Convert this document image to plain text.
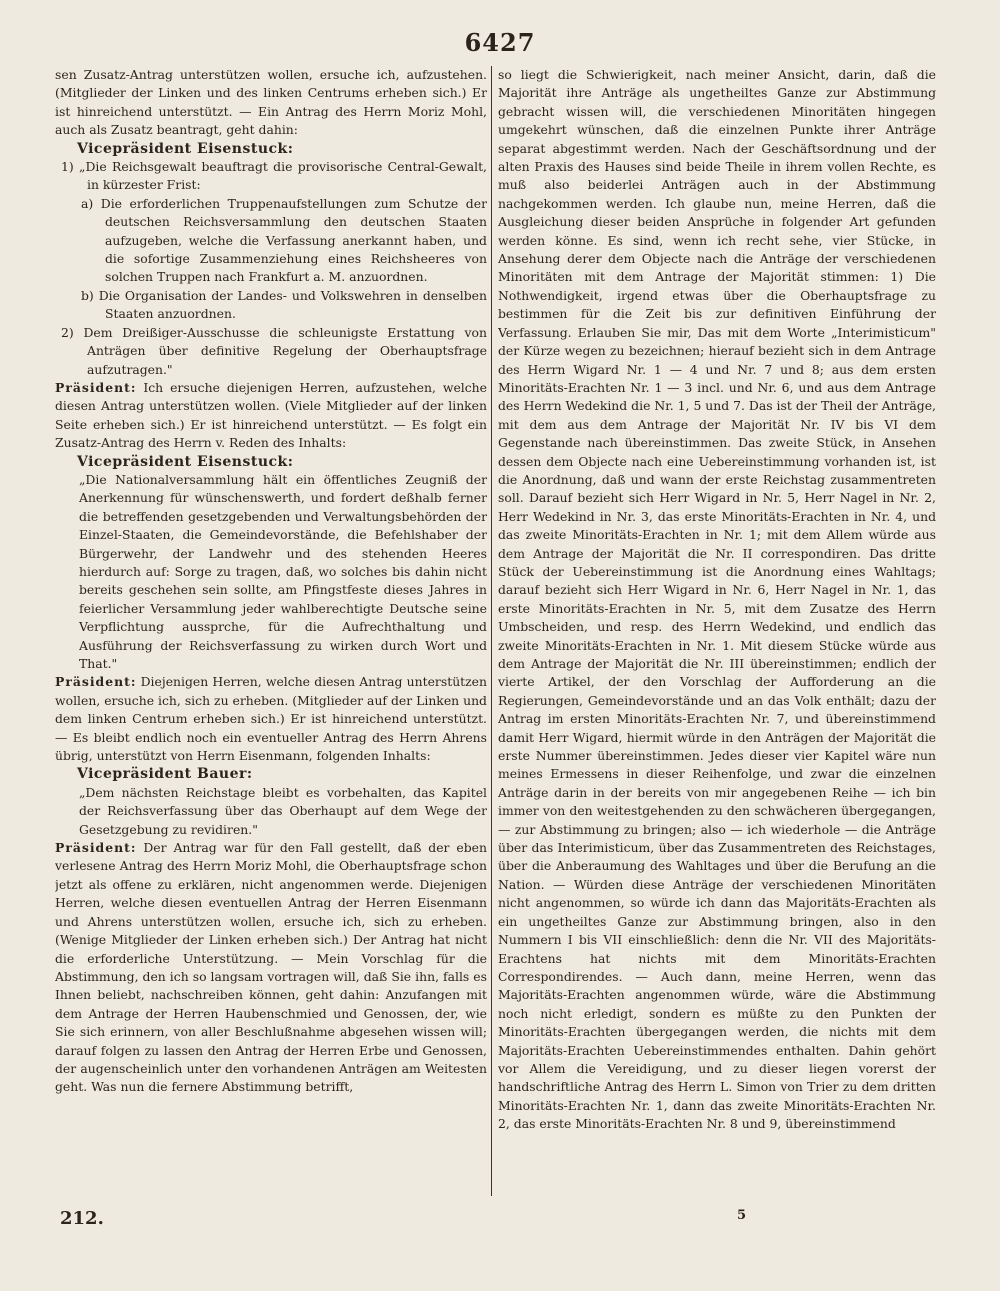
6427

sen Zusatz-Antrag unterstützen wollen, ersuche ich, aufzustehen. (Mitglieder der Linken und des linken Centrums erheben sich.) Er ist hinreichend unterstützt. — Ein Antrag des Herrn Moriz Mohl, auch als Zusatz beantragt, geht dahin:

Vicepräsident Eisenstuck:

1) „Die Reichsgewalt beauftragt die provisorische Central-Gewalt, in kürzester Frist:

a) Die erforderlichen Truppenaufstellungen zum Schutze der deutschen Reichsversammlung den deutschen Staaten aufzugeben, welche die Verfassung anerkannt haben, und die sofortige Zusammenziehung eines Reichsheeres von solchen Truppen nach Frankfurt a. M. anzuordnen.

b) Die Organisation der Landes- und Volkswehren in denselben Staaten anzuordnen.

2) Dem Dreißiger-Ausschusse die schleunigste Erstattung von Anträgen über definitive Regelung der Oberhauptsfrage aufzutragen."

Präsident: Ich ersuche diejenigen Herren, aufzustehen, welche diesen Antrag unterstützen wollen. (Viele Mitglieder auf der linken Seite erheben sich.) Er ist hinreichend unterstützt. — Es folgt ein Zusatz-Antrag des Herrn v. Reden des Inhalts:

Vicepräsident Eisenstuck:

„Die Nationalversammlung hält ein öffentliches Zeugniß der Anerkennung für wünschenswerth, und fordert deßhalb ferner die betreffenden gesetzgebenden und Verwaltungsbehörden der Einzel-Staaten, die Gemeindevorstände, die Befehlshaber der Bürgerwehr, der Landwehr und des stehenden Heeres hierdurch auf: Sorge zu tragen, daß, wo solches bis dahin nicht bereits geschehen sein sollte, am Pfingstfeste dieses Jahres in feierlicher Versammlung jeder wahlberechtigte Deutsche seine Verpflichtung aussprche, für die Aufrechthaltung und Ausführung der Reichsverfassung zu wirken durch Wort und That."

Präsident: Diejenigen Herren, welche diesen Antrag unterstützen wollen, ersuche ich, sich zu erheben. (Mitglieder auf der Linken und dem linken Centrum erheben sich.) Er ist hinreichend unterstützt. — Es bleibt endlich noch ein eventueller Antrag des Herrn Ahrens übrig, unterstützt von Herrn Eisenmann, folgenden Inhalts:

Vicepräsident Bauer:

„Dem nächsten Reichstage bleibt es vorbehalten, das Kapitel der Reichsverfassung über das Oberhaupt auf dem Wege der Gesetzgebung zu revidiren."

Präsident: Der Antrag war für den Fall gestellt, daß der eben verlesene Antrag des Herrn Moriz Mohl, die Oberhauptsfrage schon jetzt als offene zu erklären, nicht angenommen werde. Diejenigen Herren, welche diesen eventuellen Antrag der Herren Eisenmann und Ahrens unterstützen wollen, ersuche ich, sich zu erheben. (Wenige Mitglieder der Linken erheben sich.) Der Antrag hat nicht die erforderliche Unterstützung. — Mein Vorschlag für die Abstimmung, den ich so langsam vortragen will, daß Sie ihn, falls es Ihnen beliebt, nachschreiben können, geht dahin: Anzufangen mit dem Antrage der Herren Haubenschmied und Genossen, der, wie Sie sich erinnern, von aller Beschlußnahme abgesehen wissen will; darauf folgen zu lassen den Antrag der Herren Erbe und Genossen, der augenscheinlich unter den vorhandenen Anträgen am Weitesten geht. Was nun die fernere Abstimmung betrifft,

so liegt die Schwierigkeit, nach meiner Ansicht, darin, daß die Majorität ihre Anträge als ungetheiltes Ganze zur Abstimmung gebracht wissen will, die verschiedenen Minoritäten hingegen umgekehrt wünschen, daß die einzelnen Punkte ihrer Anträge separat abgestimmt werden. Nach der Geschäftsordnung und der alten Praxis des Hauses sind beide Theile in ihrem vollen Rechte, es muß also beiderlei Anträgen auch in der Abstimmung nachgekommen werden. Ich glaube nun, meine Herren, daß die Ausgleichung dieser beiden Ansprüche in folgender Art gefunden werden könne. Es sind, wenn ich recht sehe, vier Stücke, in Ansehung derer dem Objecte nach die Anträge der verschiedenen Minoritäten mit dem Antrage der Majorität stimmen: 1) Die Nothwendigkeit, irgend etwas über die Oberhauptsfrage zu bestimmen für die Zeit bis zur definitiven Einführung der Verfassung. Erlauben Sie mir, Das mit dem Worte „Interimisticum" der Kürze wegen zu bezeichnen; hierauf bezieht sich in dem Antrage des Herrn Wigard Nr. 1 — 4 und Nr. 7 und 8; aus dem ersten Minoritäts-Erachten Nr. 1 — 3 incl. und Nr. 6, und aus dem Antrage des Herrn Wedekind die Nr. 1, 5 und 7. Das ist der Theil der Anträge, mit dem aus dem Antrage der Majorität Nr. IV bis VI dem Gegenstande nach übereinstimmen. Das zweite Stück, in Ansehen dessen dem Objecte nach eine Uebereinstimmung vorhanden ist, ist die Anordnung, daß und wann der erste Reichstag zusammentreten soll. Darauf bezieht sich Herr Wigard in Nr. 5, Herr Nagel in Nr. 2, Herr Wedekind in Nr. 3, das erste Minoritäts-Erachten in Nr. 4, und das zweite Minoritäts-Erachten in Nr. 1; mit dem Allem würde aus dem Antrage der Majorität die Nr. II correspondiren. Das dritte Stück der Uebereinstimmung ist die Anordnung eines Wahltags; darauf bezieht sich Herr Wigard in Nr. 6, Herr Nagel in Nr. 1, das erste Minoritäts-Erachten in Nr. 5, mit dem Zusatze des Herrn Umbscheiden, und resp. des Herrn Wedekind, und endlich das zweite Minoritäts-Erachten in Nr. 1. Mit diesem Stücke würde aus dem Antrage der Majorität die Nr. III übereinstimmen; endlich der vierte Artikel, der den Vorschlag der Aufforderung an die Regierungen, Gemeindevorstände und an das Volk enthält; dazu der Antrag im ersten Minoritäts-Erachten Nr. 7, und übereinstimmend damit Herr Wigard, hiermit würde in den Anträgen der Majorität die erste Nummer übereinstimmen. Jedes dieser vier Kapitel wäre nun meines Ermessens in dieser Reihenfolge, und zwar die einzelnen Anträge darin in der bereits von mir angegebenen Reihe — ich bin immer von den weitestgehenden zu den schwächeren übergegangen, — zur Abstimmung zu bringen; also — ich wiederhole — die Anträge über das Interimisticum, über das Zusammentreten des Reichstages, über die Anberaumung des Wahltages und über die Berufung an die Nation. — Würden diese Anträge der verschiedenen Minoritäten nicht angenommen, so würde ich dann das Majoritäts-Erachten als ein ungetheiltes Ganze zur Abstimmung bringen, also in den Nummern I bis VII einschließlich: denn die Nr. VII des Majoritäts-Erachtens hat nichts mit dem Minoritäts-Erachten Correspondirendes. — Auch dann, meine Herren, wenn das Majoritäts-Erachten angenommen würde, wäre die Abstimmung noch nicht erledigt, sondern es müßte zu den Punkten der Minoritäts-Erachten übergegangen werden, die nichts mit dem Majoritäts-Erachten Uebereinstimmendes enthalten. Dahin gehört vor Allem die Vereidigung, und zu dieser liegen vorerst der handschriftliche Antrag des Herrn L. Simon von Trier zu dem dritten Minoritäts-Erachten Nr. 1, dann das zweite Minoritäts-Erachten Nr. 2, das erste Minoritäts-Erachten Nr. 8 und 9, übereinstimmend

212.	5
